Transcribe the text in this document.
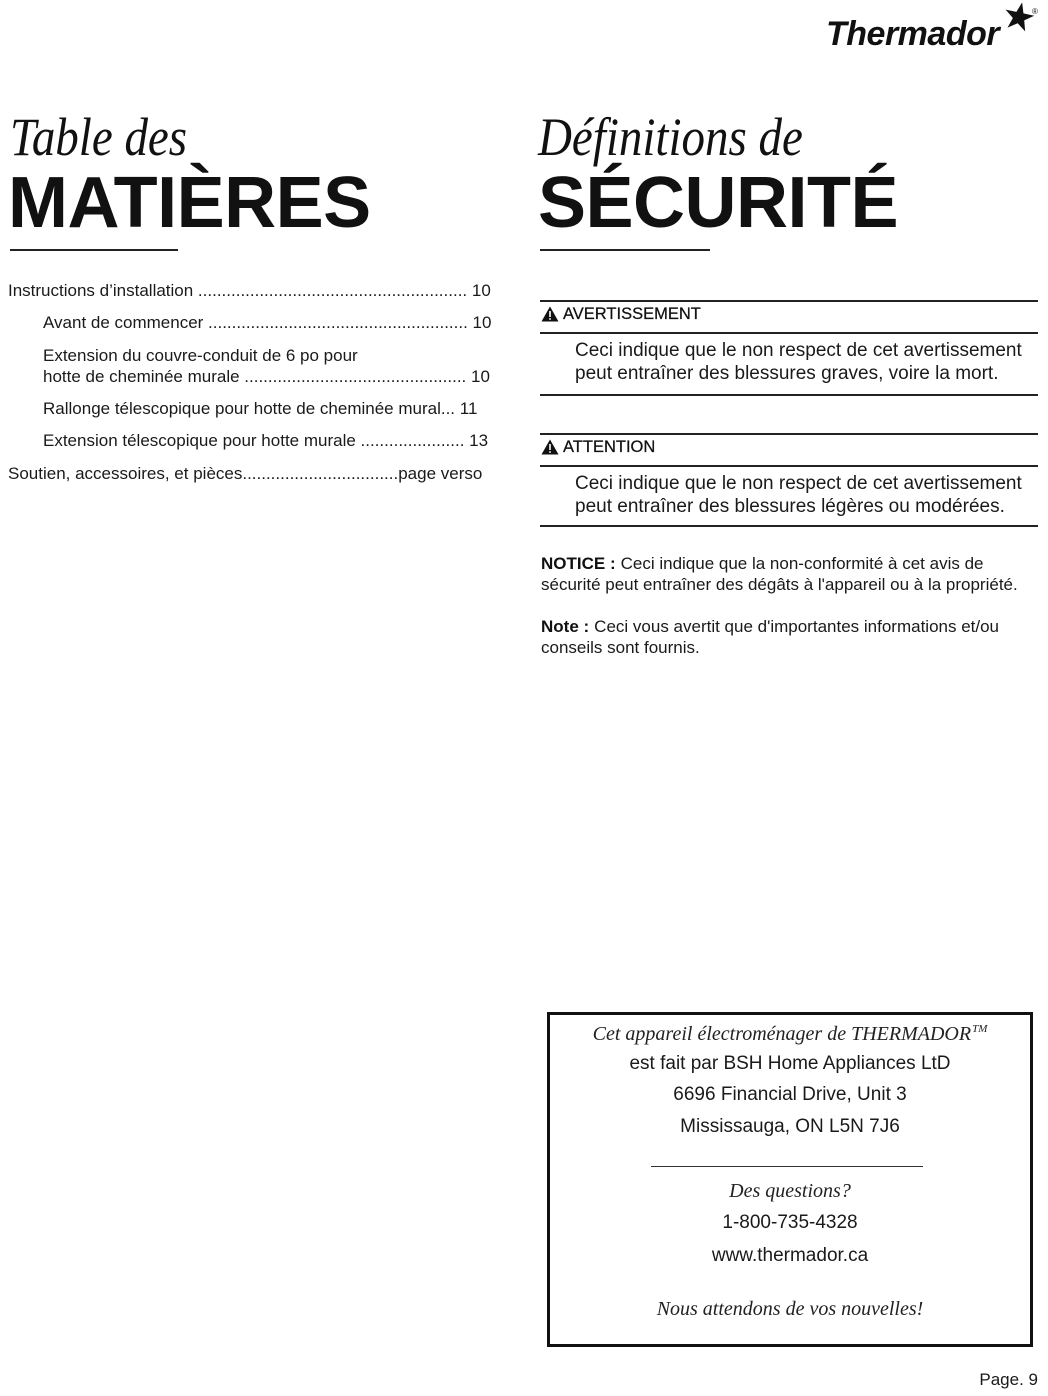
Thermador
®
Table des
MATIÈRES
Instructions d’installation ......................................................... 10
Avant de commencer ....................................................... 10
Extension du couvre-conduit de 6 po pour
hotte de cheminée murale ............................................... 10
Rallonge télescopique pour hotte de cheminée mural... 11
Extension télescopique pour hotte murale ...................... 13
Soutien, accessoires, et pièces.................................page verso
Définitions de
SÉCURITÉ
AVERTISSEMENT
Ceci indique que le non respect de cet avertissement
peut entraîner des blessures graves, voire la mort.
ATTENTION
Ceci indique que le non respect de cet avertissement
peut entraîner des blessures légères ou modérées.
NOTICE : Ceci indique que la non-conformité à cet avis de
sécurité peut entraîner des dégâts à l'appareil ou à la propriété.
Note : Ceci vous avertit que d'importantes informations et/ou
conseils sont fournis.
Cet appareil électroménager de THERMADOR™
est fait par BSH Home Appliances LtD
6696 Financial Drive, Unit 3
Mississauga, ON L5N 7J6
Des questions?
1-800-735-4328
www.thermador.ca
Nous attendons de vos nouvelles!
Page. 9
